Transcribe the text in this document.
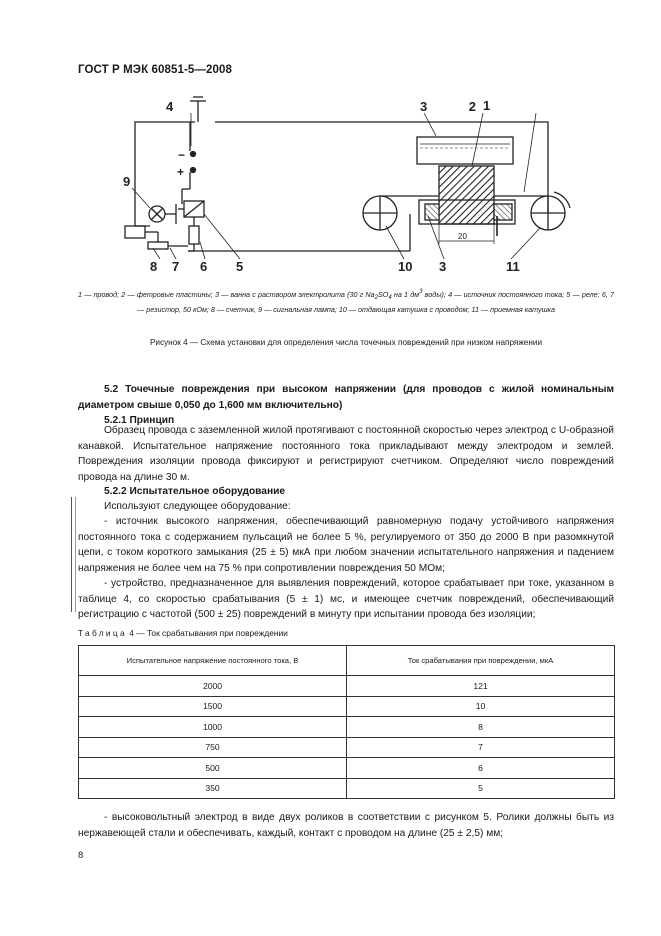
ГОСТ Р МЭК 60851-5—2008
1
2
3
4
9
8 7 6 5	10 3	11
−
+
20
1 — провод; 2 — фетровые пластины; 3 — ванна с раствором электролита (30 г $Na_2SO_4$ на 1 $дм^3$ воды); 4 — источник постоянного тока; 5 — реле; 6, 7 — резистор, 50 кОм; 8 — счетчик, 9 — сигнальная лампа; 10 — отдающая катушка с проводом; 11 — приемная катушка
Рисунок 4 — Схема установки для определения числа точечных повреждений при низком напряжении
5.2 Точечные повреждения при высоком напряжении (для проводов с жилой номинальным диаметром свыше 0,050 до 1,600 мм включительно)
5.2.1 Принцип
Образец провода с заземленной жилой протягивают с постоянной скоростью через электрод с U-образной канавкой. Испытательное напряжение постоянного тока прикладывают между электродом и землей. Повреждения изоляции провода фиксируют и регистрируют счетчиком. Определяют число повреждений провода на длине 30 м.
5.2.2 Испытательное оборудование
Используют следующее оборудование:
- источник высокого напряжения, обеспечивающий равномерную подачу устойчивого напряжения постоянного тока с содержанием пульсаций не более 5 %, регулируемого от 350 до 2000 В при разомкнутой цепи, с током короткого замыкания (25 ± 5) мкА при любом значении испытательного напряжения и падением напряжения не более чем на 75 % при сопротивлении повреждения 50 МОм;
- устройство, предназначенное для выявления повреждений, которое срабатывает при токе, указанном в таблице 4, со скоростью срабатывания (5 ± 1) мс, и имеющее счетчик повреждений, обеспечивающий регистрацию с частотой (500 ± 25) повреждений в минуту при испытании провода без изоляции;
Таблица 4 — Ток срабатывания при повреждении
Испытательное напряжение постоянного тока, В	Ток срабатывания при повреждении, мкА
2000	121
1500	10
1000	8
750	7
500	6
350	5
- высоковольтный электрод в виде двух роликов в соответствии с рисунком 5. Ролики должны быть из нержавеющей стали и обеспечивать, каждый, контакт с проводом на длине (25 ± 2,5) мм;
8
